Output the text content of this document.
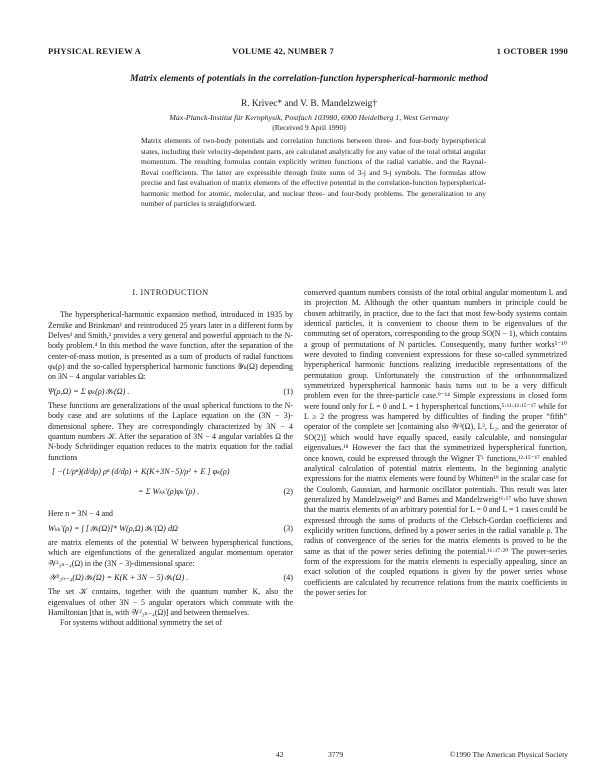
PHYSICAL REVIEW A	VOLUME 42, NUMBER 7	1 OCTOBER 1990
Matrix elements of potentials in the correlation-function hyperspherical-harmonic method
R. Krivec* and V. B. Mandelzweig†
Max-Planck-Institut für Kernphysik, Postfach 103980, 6900 Heidelberg 1, West Germany
(Received 9 April 1990)
Matrix elements of two-body potentials and correlation functions between three- and four-body hyperspherical states, including their velocity-dependent parts, are calculated analytically for any value of the total orbital angular momentum. The resulting formulas contain explicitly written functions of the radial variable, and the Raynal-Revai coefficients. The latter are expressible through finite sums of 3-j and 9-j symbols. The formulas allow precise and fast evaluation of matrix elements of the effective potential in the correlation-function hyperspherical-harmonic method for atomic, molecular, and nuclear three- and four-body problems. The generalization to any number of particles is straightforward.
I. INTRODUCTION

The hyperspherical-harmonic expansion method, introduced in 1935 by Zernike and Brinkman¹ and reintroduced 25 years later in a different form by Delves² and Smith,³ provides a very general and powerful approach to the N-body problem.⁴ In this method the wave function, after the separation of the center-of-mass motion, is presented as a sum of products of radial functions φₖ(ρ) and the so-called hyperspherical harmonic functions 𝒴ₖ(Ω) depending on 3N − 4 angular variables Ω:

Ψ(ρ,Ω) = Σ φₖ(ρ)𝒴ₖ(Ω) .	(1)

These functions are generalizations of the usual spherical functions to the N-body case and are solutions of the Laplace equation on the (3N − 3)-dimensional sphere. They are correspondingly characterized by 3N − 4 quantum numbers 𝒦. After the separation of 3N − 4 angular variables Ω the N-body Schrödinger equation reduces to the matrix equation for the radial functions

[ −(1/ρⁿ)(d/dρ) ρⁿ (d/dρ) + K(K+3N−5)/ρ² + E ] φₖ(ρ)
= Σ Wₖₖ′(ρ)φₖ′(ρ) .	(2)

Here n = 3N − 4 and

Wₖₖ′(ρ) = ∫ [𝒴ₖ(Ω)]* W(ρ,Ω)𝒴ₖ′(Ω) dΩ	(3)

are matrix elements of the potential W between hyperspherical functions, which are eigenfunctions of the generalized angular momentum operator 𝒲²₃ₙ₋₄(Ω) in the (3N − 3)-dimensional space:

𝒲²₃ₙ₋₄(Ω)𝒴ₖ(Ω) = K(K + 3N − 5)𝒴ₖ(Ω) .	(4)

The set 𝒦 contains, together with the quantum number K, also the eigenvalues of other 3N − 5 angular operators which commute with the Hamiltonian [that is, with 𝒲²₃ₙ₋₄(Ω)] and between themselves.

For systems without additional symmetry the set of

conserved quantum numbers consists of the total orbital angular momentum L and its projection M. Although the other quantum numbers in principle could be chosen arbitrarily, in practice, due to the fact that most few-body systems contain identical particles, it is convenient to choose them to be eigenvalues of the commuting set of operators, corresponding to the group SO(N − 1), which contains a group of permutations of N particles. Consequently, many further works⁵⁻¹⁰ were devoted to finding convenient expressions for these so-called symmetrized hyperspherical harmonic functions realizing irreducible representations of the permutation group. Unfortunately the construction of the orthonormalized symmetrized hyperspherical harmonic basis turns out to be a very difficult problem even for the three-particle case.⁹⁻¹⁴ Simple expressions in closed form were found only for L = 0 and L = 1 hyperspherical functions,⁵·¹¹·¹²·¹⁵⁻¹⁷ while for L ≥ 2 the progress was hampered by difficulties of finding the proper “fifth” operator of the complete set [containing also 𝒲²(Ω), L², L₂, and the generator of SO(2)] which would have equally spaced, easily calculable, and nonsingular eigenvalues.¹⁸ However the fact that the symmetrized hyperspherical function, once known, could be expressed through the Wigner Tᴸ functions,¹²·¹⁵⁻¹⁷ enabled analytical calculation of potential matrix elements. In the beginning analytic expressions for the matrix elements were found by Whitten¹⁹ in the scalar case for the Coulomb, Gaussian, and harmonic oscillator potentials. This result was later generalized by Mandelzweig²⁰ and Barnes and Mandelzweig¹⁶·¹⁷ who have shown that the matrix elements of an arbitrary potential for L = 0 and L = 1 cases could be expressed through the sums of products of the Clebsch-Gordan coefficients and explicitly written functions, defined by a power series in the radial variable ρ. The radius of convergence of the series for the matrix elements is proved to be the same as that of the power series defining the potential.¹⁶·¹⁷·²⁰ The power-series form of the expressions for the matrix elements is especially appealing, since an exact solution of the coupled equations is given by the power series whose coefficients are calculated by recurrence relations from the matrix coefficients in the power series for

42	3779	©1990 The American Physical Society
